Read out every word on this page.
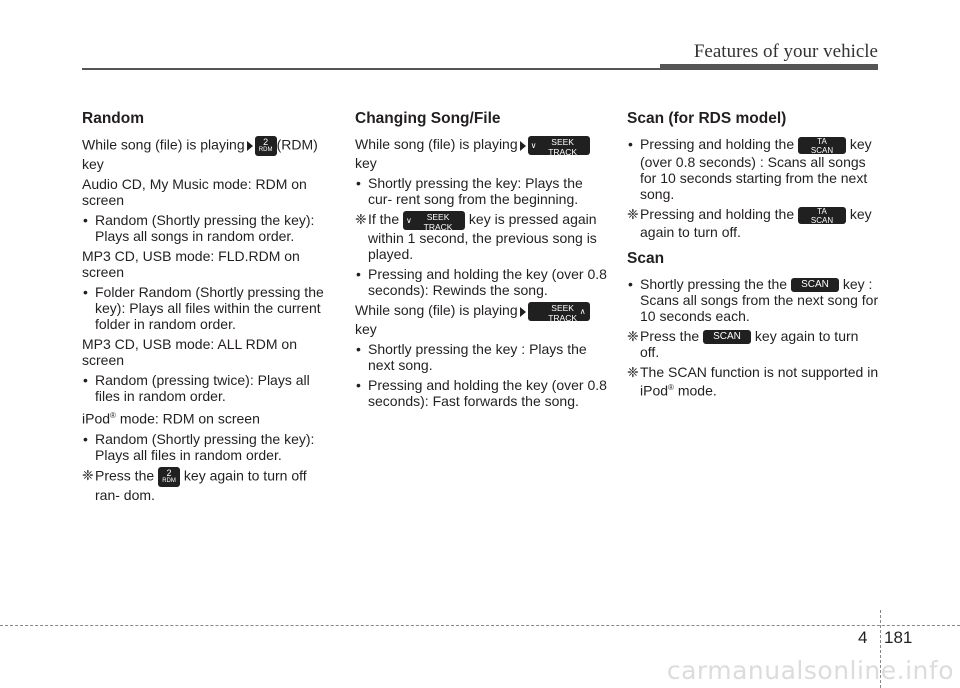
Features of your vehicle
Random

While song (file) is playing	2
RDM (RDM) key

Audio CD, My Music mode: RDM on screen

• Random (Shortly pressing the key): Plays all songs in random order.

MP3 CD, USB mode: FLD.RDM on screen

• Folder Random (Shortly pressing the key): Plays all files within the current folder in random order.

MP3 CD, USB mode: ALL RDM on screen

• Random (pressing twice): Plays all files in random order.

iPod® mode: RDM on screen

• Random (Shortly pressing the key): Plays all files in random order.
❈ Press the	2
RDM key again to turn off ran- dom.
Changing Song/File

While song (file) is playing ∨	SEEK
TRACK

key

• Shortly pressing the key: Plays the cur- rent song from the beginning.
❈ If the ∨	SEEK
TRACK	key is pressed again within 1 second, the previous song is played.
• Pressing and holding the key (over 0.8 seconds): Rewinds the song.

While song (file) is playing	∧
SEEK
TRACK

key

• Shortly pressing the key : Plays the next song.
• Pressing and holding the key (over 0.8 seconds): Fast forwards the song.
Scan (for RDS model)
• Pressing and holding the	TA
SCAN	key (over 0.8 seconds) : Scans all songs for 10 seconds starting from the next song.
❈ Pressing and holding the	TA
SCAN	key again to turn off.
Scan
• Shortly pressing the the SCAN key : Scans all songs from the next song for 10 seconds each.
❈ Press the SCAN key again to turn off.
❈ The SCAN function is not supported in iPod® mode.
4 181
carmanualsonline.info
